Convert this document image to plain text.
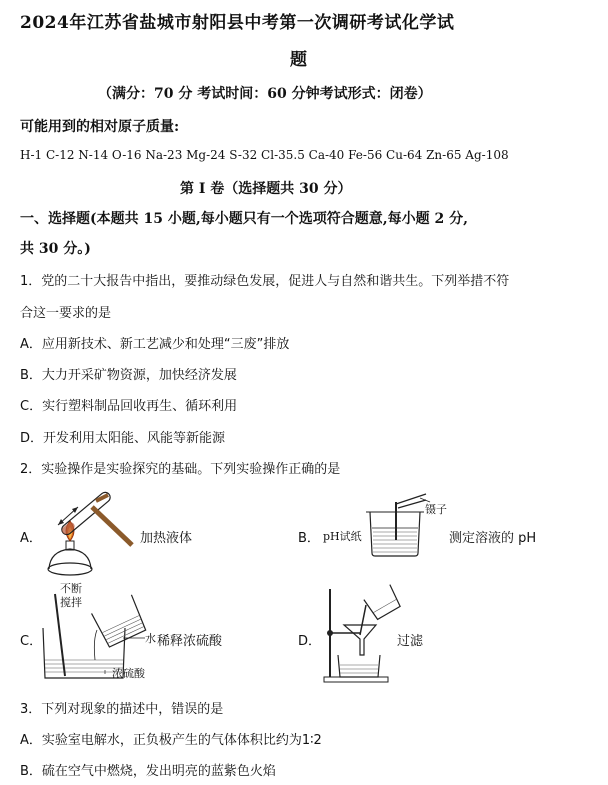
2024年江苏省盐城市射阳县中考第一次调研考试化学试
题
（满分：70 分 考试时间：60 分钟考试形式：闭卷）
可能用到的相对原子质量:
H-1 C-12 N-14 O-16 Na-23 Mg-24 S-32 Cl-35.5 Ca-40 Fe-56 Cu-64 Zn-65 Ag-108
第 I 卷（选择题共 30 分）
一、选择题(本题共 15 小题,每小题只有一个选项符合题意,每小题 2 分,
共 30 分。)
1．党的二十大报告中指出，要推动绿色发展，促进人与自然和谐共生。下列举措不符
合这一要求的是
A．应用新技术、新工艺减少和处理“三废”排放
B．大力开采矿物资源，加快经济发展
C．实行塑料制品回收再生、循环利用
D．开发利用太阳能、风能等新能源
2．实验操作是实验探究的基础。下列实验操作正确的是
A．	加热液体	B． pH试纸
镊子
测定溶液的 pH
C．
不断
搅拌
水 稀释浓硫酸
浓硫酸
D．	过滤
3．下列对现象的描述中，错误的是
A．实验室电解水，正负极产生的气体体积比约为1∶2
B．硫在空气中燃烧，发出明亮的蓝紫色火焰
